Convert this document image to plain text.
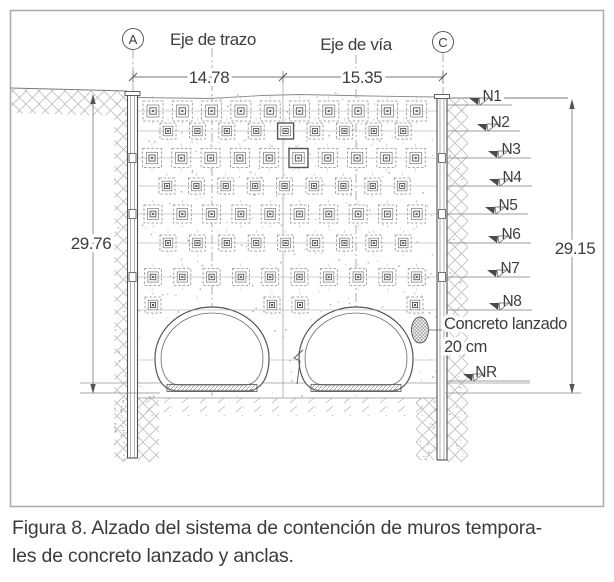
N1
N2
N3
N4
N5
N6
N7
N8
NR
14.78	15.35
29.76	29.15
A	C
Eje de trazo	Eje de vía
Concreto lanzado
20 cm
Figura 8. Alzado del sistema de contención de muros tempora-
les de concreto lanzado y anclas.
